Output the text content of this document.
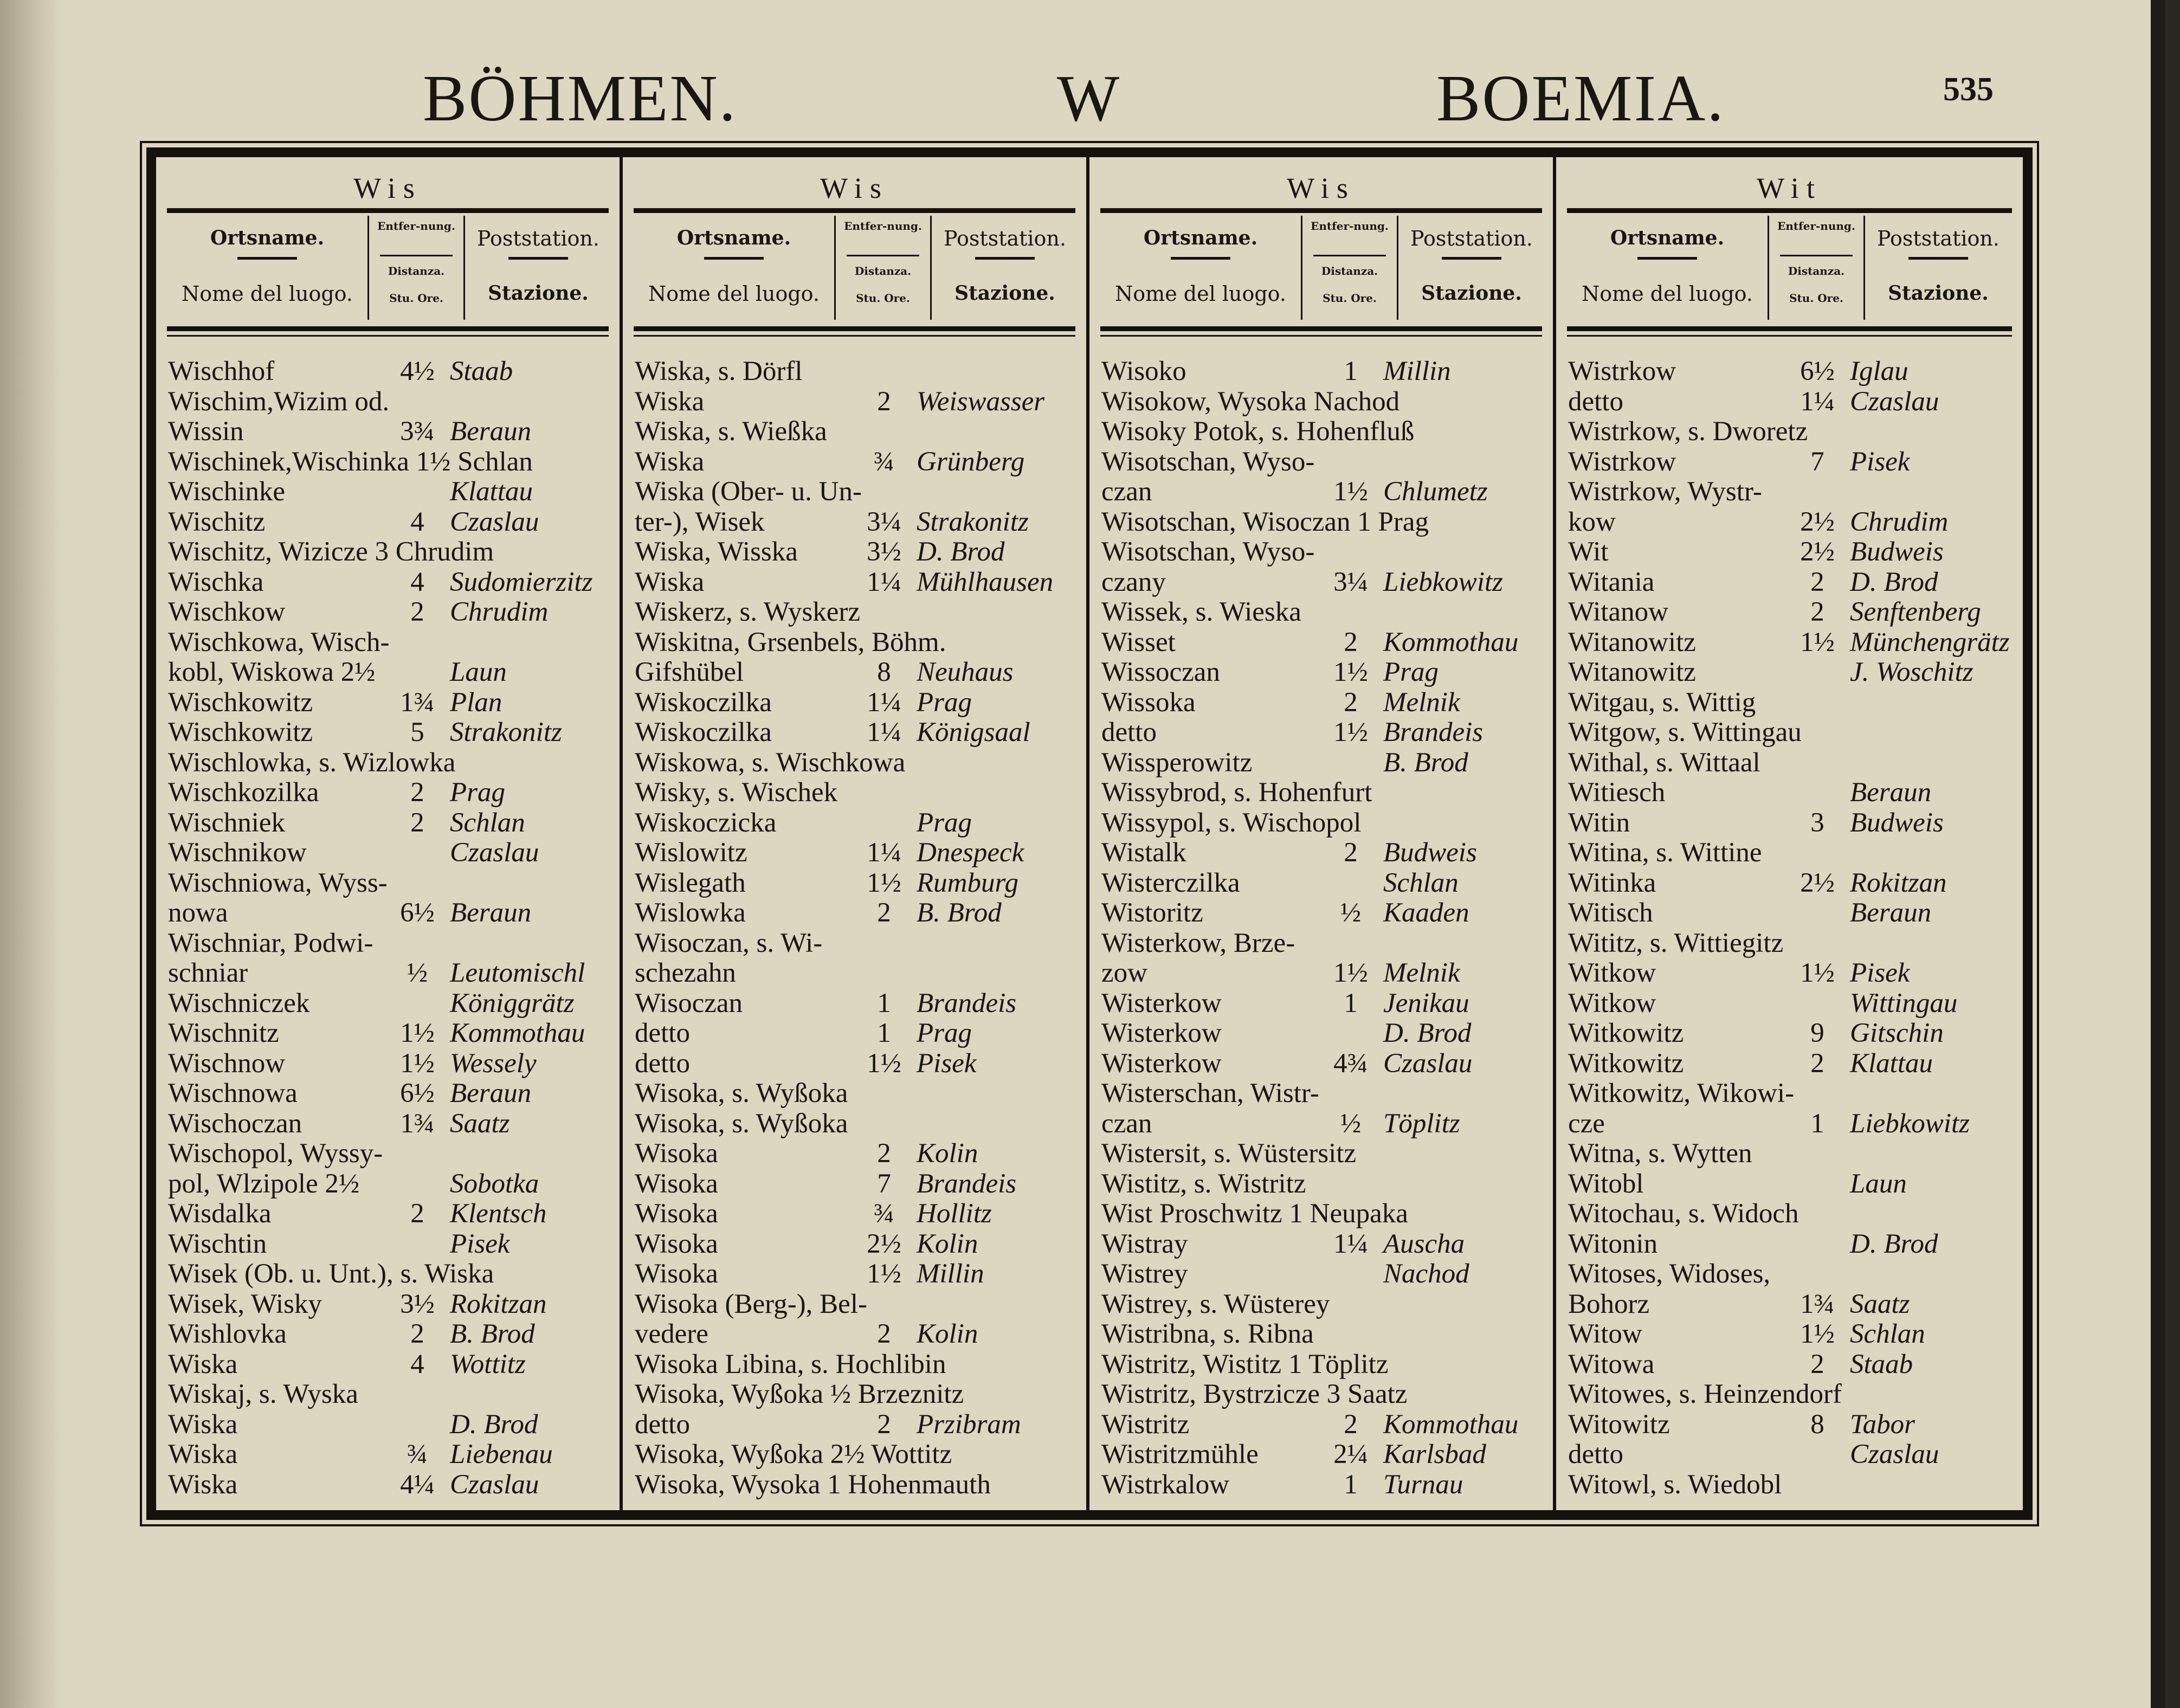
BÖHMEN.	W	BOEMIA.	535
Wis
Ortsname.
Nome del luogo.
Entfer-nung.
Distanza.
Stu. Ore.
Poststation.
Stazione.
Wischhof	4½ Staab
Wischim,Wizim od.
Wissin	3¾ Beraun
Wischinek,Wischinka 1½ Schlan
Wischinke	Klattau
Wischitz	4 Czaslau
Wischitz, Wizicze 3 Chrudim
Wischka	4 Sudomierzitz
Wischkow	2 Chrudim
Wischkowa, Wisch-
kobl, Wiskowa 2½	Laun
Wischkowitz	1¾ Plan
Wischkowitz	5 Strakonitz
Wischlowka, s. Wizlowka
Wischkozilka	2 Prag
Wischniek	2 Schlan
Wischnikow	Czaslau
Wischniowa, Wyss-
nowa	6½ Beraun
Wischniar, Podwi-
schniar	½ Leutomischl
Wischniczek	Königgrätz
Wischnitz	1½ Kommothau
Wischnow	1½ Wessely
Wischnowa	6½ Beraun
Wischoczan	1¾ Saatz
Wischopol, Wyssy-
pol, Wlzipole 2½	Sobotka
Wisdalka	2 Klentsch
Wischtin	Pisek
Wisek (Ob. u. Unt.), s. Wiska
Wisek, Wisky	3½ Rokitzan
Wishlovka	2 B. Brod
Wiska	4 Wottitz
Wiskaj, s. Wyska
Wiska	D. Brod
Wiska	¾ Liebenau
Wiska	4¼ Czaslau
Wis
Ortsname.
Nome del luogo.
Entfer-nung.
Distanza.
Stu. Ore.
Poststation.
Stazione.
Wiska, s. Dörfl
Wiska	2 Weiswasser
Wiska, s. Wießka
Wiska	¾ Grünberg
Wiska (Ober- u. Un-
ter-), Wisek	3¼ Strakonitz
Wiska, Wisska 3½ D. Brod
Wiska	1¼ Mühlhausen
Wiskerz, s. Wyskerz
Wiskitna, Grsenbels, Böhm.
Gifshübel	8 Neuhaus
Wiskoczilka	1¼ Prag
Wiskoczilka	1¼ Königsaal
Wiskowa, s. Wischkowa
Wisky, s. Wischek
Wiskoczicka	Prag
Wislowitz	1¼ Dnespeck
Wislegath	1½ Rumburg
Wislowka	2 B. Brod
Wisoczan, s. Wi-
schezahn
Wisoczan	1 Brandeis
detto	1 Prag
detto	1½ Pisek
Wisoka, s. Wyßoka
Wisoka, s. Wyßoka
Wisoka	2 Kolin
Wisoka	7 Brandeis
Wisoka	¾ Hollitz
Wisoka	2½ Kolin
Wisoka	1½ Millin
Wisoka (Berg-), Bel-
vedere	2 Kolin
Wisoka Libina, s. Hochlibin
Wisoka, Wyßoka ½ Brzeznitz
detto	2 Przibram
Wisoka, Wyßoka 2½ Wottitz
Wisoka, Wysoka 1 Hohenmauth
Wis
Ortsname.
Nome del luogo.
Entfer-nung.
Distanza.
Stu. Ore.
Poststation.
Stazione.
Wisoko	1 Millin
Wisokow, Wysoka Nachod
Wisoky Potok, s. Hohenfluß
Wisotschan, Wyso-
czan	1½ Chlumetz
Wisotschan, Wisoczan 1 Prag
Wisotschan, Wyso-
czany	3¼ Liebkowitz
Wissek, s. Wieska
Wisset	2 Kommothau
Wissoczan	1½ Prag
Wissoka	2 Melnik
detto	1½ Brandeis
Wissperowitz	B. Brod
Wissybrod, s. Hohenfurt
Wissypol, s. Wischopol
Wistalk	2 Budweis
Wisterczilka	Schlan
Wistoritz	½ Kaaden
Wisterkow, Brze-
zow	1½ Melnik
Wisterkow	1 Jenikau
Wisterkow	D. Brod
Wisterkow	4¾ Czaslau
Wisterschan, Wistr-
czan	½ Töplitz
Wistersit, s. Wüstersitz
Wistitz, s. Wistritz
Wist Proschwitz 1 Neupaka
Wistray	1¼ Auscha
Wistrey	Nachod
Wistrey, s. Wüsterey
Wistribna, s. Ribna
Wistritz, Wistitz 1 Töplitz
Wistritz, Bystrzicze 3 Saatz
Wistritz	2 Kommothau
Wistritzmühle	2¼ Karlsbad
Wistrkalow	1 Turnau
Wit
Ortsname.
Nome del luogo.
Entfer-nung.
Distanza.
Stu. Ore.
Poststation.
Stazione.
Wistrkow	6½ Iglau
detto	1¼ Czaslau
Wistrkow, s. Dworetz
Wistrkow	7 Pisek
Wistrkow, Wystr-
kow	2½ Chrudim
Wit	2½ Budweis
Witania	2 D. Brod
Witanow	2 Senftenberg
Witanowitz	1½ Münchengrätz
Witanowitz	J. Woschitz
Witgau, s. Wittig
Witgow, s. Wittingau
Withal, s. Wittaal
Witiesch	Beraun
Witin	3 Budweis
Witina, s. Wittine
Witinka	2½ Rokitzan
Witisch	Beraun
Wititz, s. Wittiegitz
Witkow	1½ Pisek
Witkow	Wittingau
Witkowitz	9 Gitschin
Witkowitz	2 Klattau
Witkowitz, Wikowi-
cze	1 Liebkowitz
Witna, s. Wytten
Witobl	Laun
Witochau, s. Widoch
Witonin	D. Brod
Witoses, Widoses,
Bohorz	1¾ Saatz
Witow	1½ Schlan
Witowa	2 Staab
Witowes, s. Heinzendorf
Witowitz	8 Tabor
detto	Czaslau
Witowl, s. Wiedobl
